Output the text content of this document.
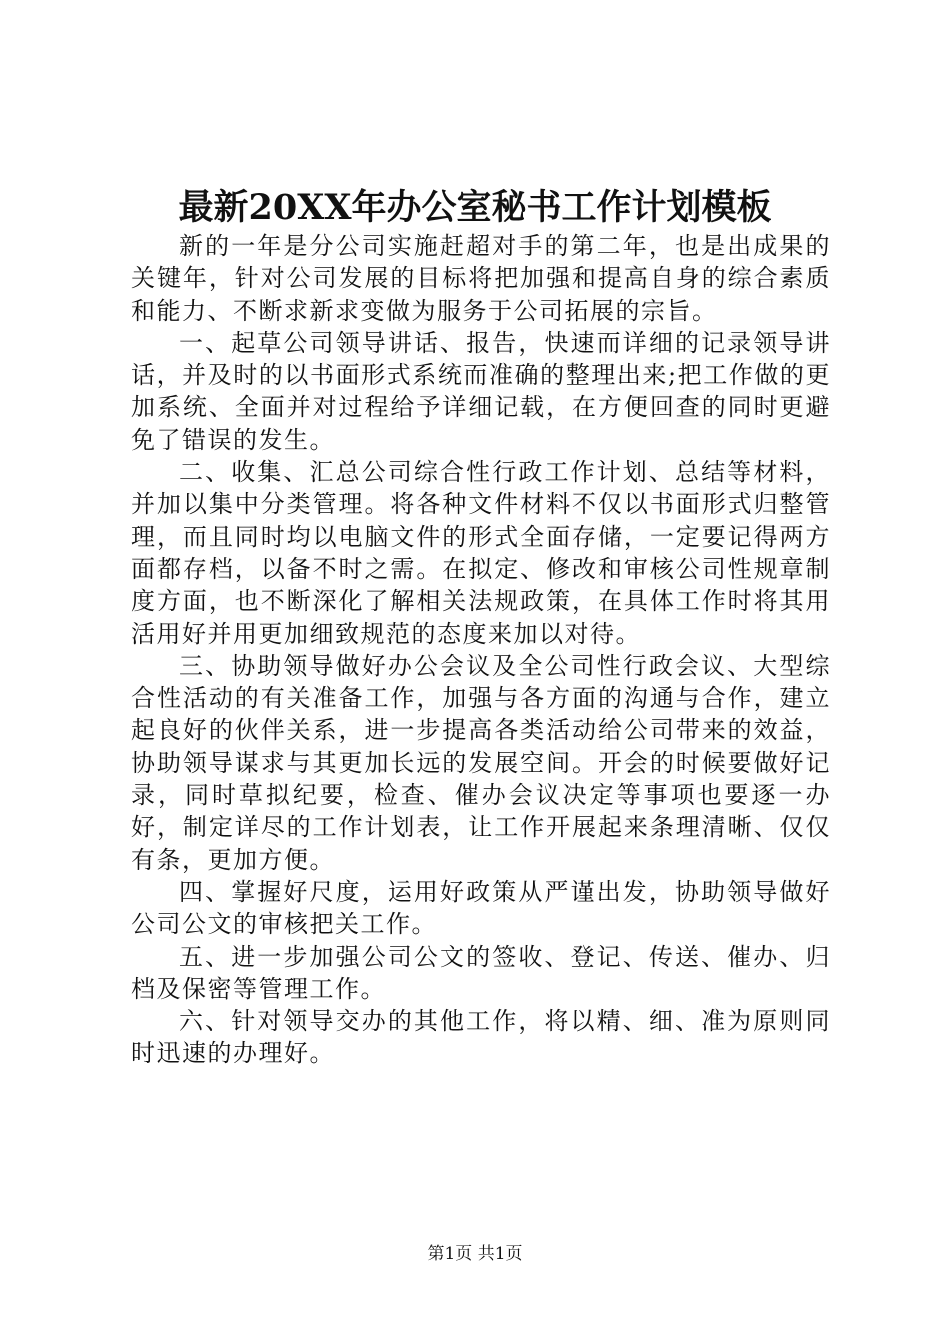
最新20XX年办公室秘书工作计划模板

新的一年是分公司实施赶超对手的第二年，也是出成果的关键年，针对公司发展的目标将把加强和提高自身的综合素质和能力、不断求新求变做为服务于公司拓展的宗旨。

一、起草公司领导讲话、报告，快速而详细的记录领导讲话，并及时的以书面形式系统而准确的整理出来;把工作做的更加系统、全面并对过程给予详细记载，在方便回查的同时更避免了错误的发生。

二、收集、汇总公司综合性行政工作计划、总结等材料，并加以集中分类管理。将各种文件材料不仅以书面形式归整管理，而且同时均以电脑文件的形式全面存储，一定要记得两方面都存档，以备不时之需。在拟定、修改和审核公司性规章制度方面，也不断深化了解相关法规政策，在具体工作时将其用活用好并用更加细致规范的态度来加以对待。

三、协助领导做好办公会议及全公司性行政会议、大型综合性活动的有关准备工作，加强与各方面的沟通与合作，建立起良好的伙伴关系，进一步提高各类活动给公司带来的效益，协助领导谋求与其更加长远的发展空间。开会的时候要做好记录，同时草拟纪要，检查、催办会议决定等事项也要逐一办好，制定详尽的工作计划表，让工作开展起来条理清晰、仅仅有条，更加方便。

四、掌握好尺度，运用好政策从严谨出发，协助领导做好公司公文的审核把关工作。

五、进一步加强公司公文的签收、登记、传送、催办、归档及保密等管理工作。

六、针对领导交办的其他工作，将以精、细、准为原则同时迅速的办理好。

第1页 共1页
